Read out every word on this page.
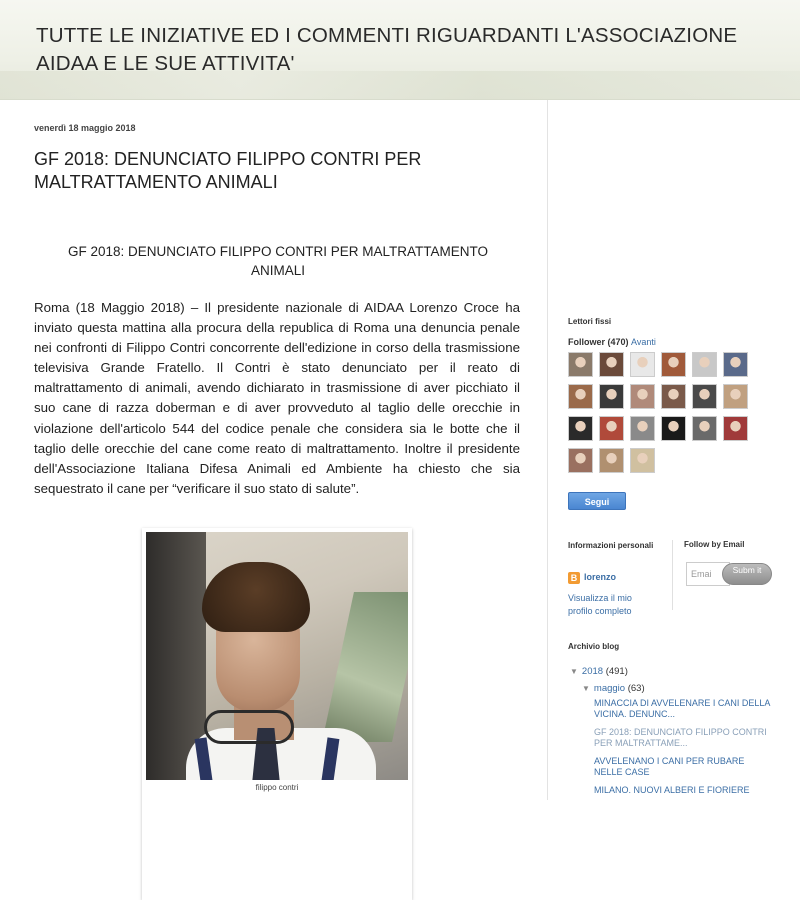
TUTTE LE INIZIATIVE ED I COMMENTI RIGUARDANTI L'ASSOCIAZIONE AIDAA E LE SUE ATTIVITA'
venerdì 18 maggio 2018
GF 2018: DENUNCIATO FILIPPO CONTRI PER MALTRATTAMENTO ANIMALI
GF 2018: DENUNCIATO FILIPPO CONTRI PER MALTRATTAMENTO ANIMALI
Roma (18 Maggio 2018) – Il presidente nazionale di AIDAA Lorenzo Croce ha inviato questa mattina alla procura della republica di Roma una denuncia penale nei confronti di Filippo Contri concorrente dell'edizione in corso della trasmissione televisiva Grande Fratello. Il Contri è stato denunciato per il reato di maltrattamento di animali, avendo dichiarato in trasmissione di aver picchiato il suo cane di razza doberman e di aver provveduto al taglio delle orecchie in violazione dell'articolo 544 del codice penale che considera sia le botte che il taglio delle orecchie del cane come reato di maltrattamento. Inoltre il presidente dell'Associazione Italiana Difesa Animali ed Ambiente ha chiesto che sia sequestrato il cane per “verificare il suo stato di salute”.
filippo contri
Lettori fissi
Follower (470) Avanti
Segui
Informazioni personali
B lorenzo
Visualizza il mio profilo completo
Follow by Email
Emai	Subm it
Archivio blog
▼ 2018 (491)
▼ maggio (63)
MINACCIA DI AVVELENARE I CANI DELLA VICINA. DENUNC...
GF 2018: DENUNCIATO FILIPPO CONTRI PER MALTRATTAME...
AVVELENANO I CANI PER RUBARE NELLE CASE
MILANO. NUOVI ALBERI E FIORIERE
